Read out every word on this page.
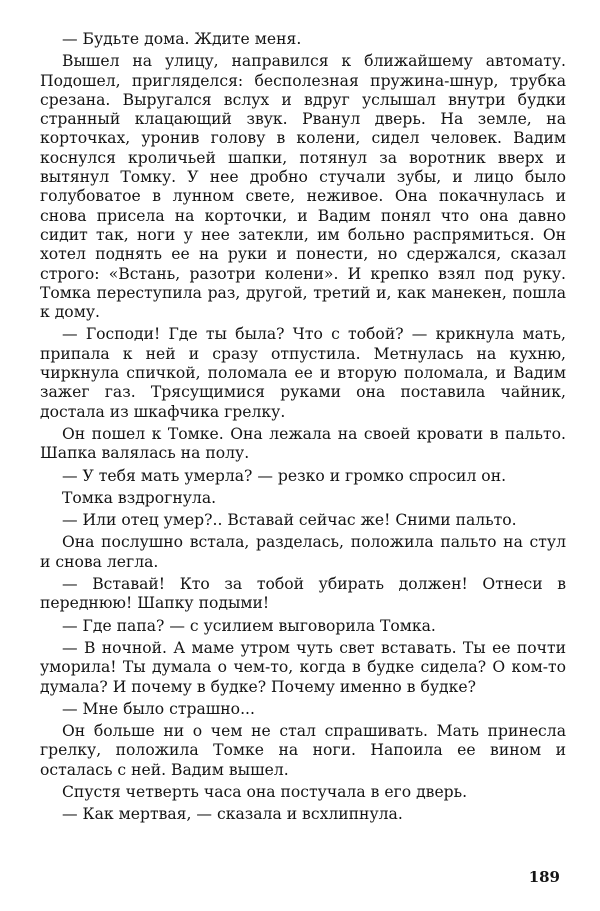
— Будьте дома. Ждите меня.

Вышел на улицу, направился к ближайшему автомату. Подошел, пригляделся: бесполезная пружина-шнур, трубка срезана. Выругался вслух и вдруг услышал внутри будки странный клацающий звук. Рванул дверь. На земле, на корточках, уронив голову в колени, сидел человек. Вадим коснулся кроличьей шапки, потянул за воротник вверх и вытянул Томку. У нее дробно стучали зубы, и лицо было голубоватое в лунном свете, неживое. Она покачнулась и снова присела на корточки, и Вадим понял что она давно сидит так, ноги у нее затекли, им больно распрямиться. Он хотел поднять ее на руки и понести, но сдержался, сказал строго: «Встань, разотри колени». И крепко взял под руку. Томка переступила раз, другой, третий и, как манекен, пошла к дому.

— Господи! Где ты была? Что с тобой? — крикнула мать, припала к ней и сразу отпустила. Метнулась на кухню, чиркнула спичкой, поломала ее и вторую поломала, и Вадим зажег газ. Трясущимися руками она поставила чайник, достала из шкафчика грелку.

Он пошел к Томке. Она лежала на своей кровати в пальто. Шапка валялась на полу.

— У тебя мать умерла? — резко и громко спросил он.

Томка вздрогнула.

— Или отец умер?.. Вставай сейчас же! Сними пальто.

Она послушно встала, разделась, положила пальто на стул и снова легла.

— Вставай! Кто за тобой убирать должен! Отнеси в переднюю! Шапку подыми!

— Где папа? — с усилием выговорила Томка.

— В ночной. А маме утром чуть свет вставать. Ты ее почти уморила! Ты думала о чем-то, когда в будке сидела? О ком-то думала? И почему в будке? Почему именно в будке?

— Мне было страшно...

Он больше ни о чем не стал спрашивать. Мать принесла грелку, положила Томке на ноги. Напоила ее вином и осталась с ней. Вадим вышел.

Спустя четверть часа она постучала в его дверь.

— Как мертвая, — сказала и всхлипнула.

189
